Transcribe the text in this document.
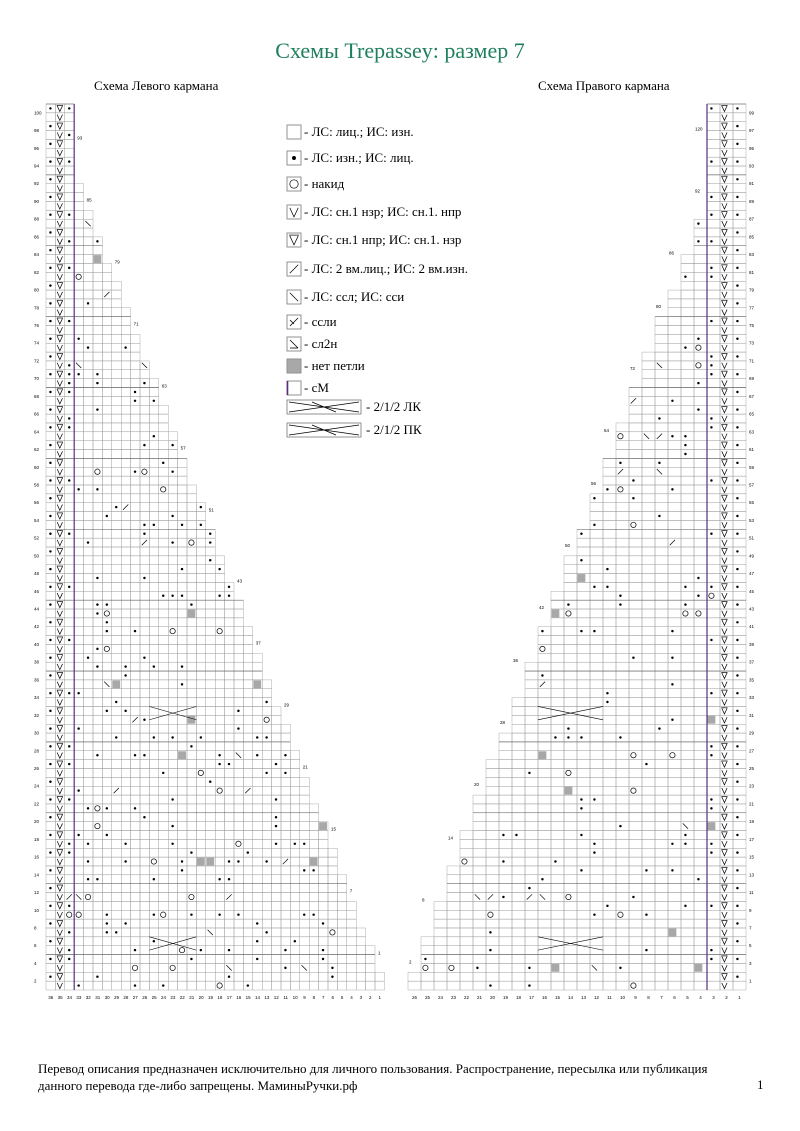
Схемы Trepassey: размер 7
Схема Левого кармана	Схема Правого кармана
100
98
96
94
92
90
88
86
84
82
80
78
76
74
72
70
68
66
64
62
60
58
56
54
52
50
48
46
44
42
40
38
36
34
32
30
28
26
24
22
20
18
16
14
12
10
8
6
4
2
93
85
79
71
63
57
51
43
37
29
21
15
7
1
36 35 34 33 32 31 30 29 28 27 26 25 24 23 22 21 20 19 18 17 16 15 14 13 12 11 10 9 8 7 6 5 4 3 2 1
99
97
95
93
91
89
87
85
83
81
79
77
75
73
71
69
67
65
63
61
59
57
55
53
51
49
47
45
43
41
39
37
35
33
31
29
27
25
23
21
19
17
15
13
11
9
7
5
3
1
120
92
86
80
72
64
56
50
42
36
28
20
14
8
2
26 25 24 23 22 21 20 19 18 17 16 15 14 13 12 11 10 9 8 7 6 5 4 3 2 1
- ЛС: лиц.; ИС: изн.
- ЛС: изн.; ИС: лиц.
- накид
- ЛС: сн.1 нзр; ИС: сн.1. нпр
- ЛС: сн.1 нпр; ИС: сн.1. нзр
- ЛС: 2 вм.лиц.; ИС: 2 вм.изн.
- ЛС: ссл; ИС: сси
- ссли
- сл2н
- нет петли
- сМ
- 2/1/2 ЛК
- 2/1/2 ПК
Перевод описания предназначен исключительно для личного пользования. Распространение, пересылка или публикация данного перевода где-либо запрещены. МаминыРучки.рф	1
